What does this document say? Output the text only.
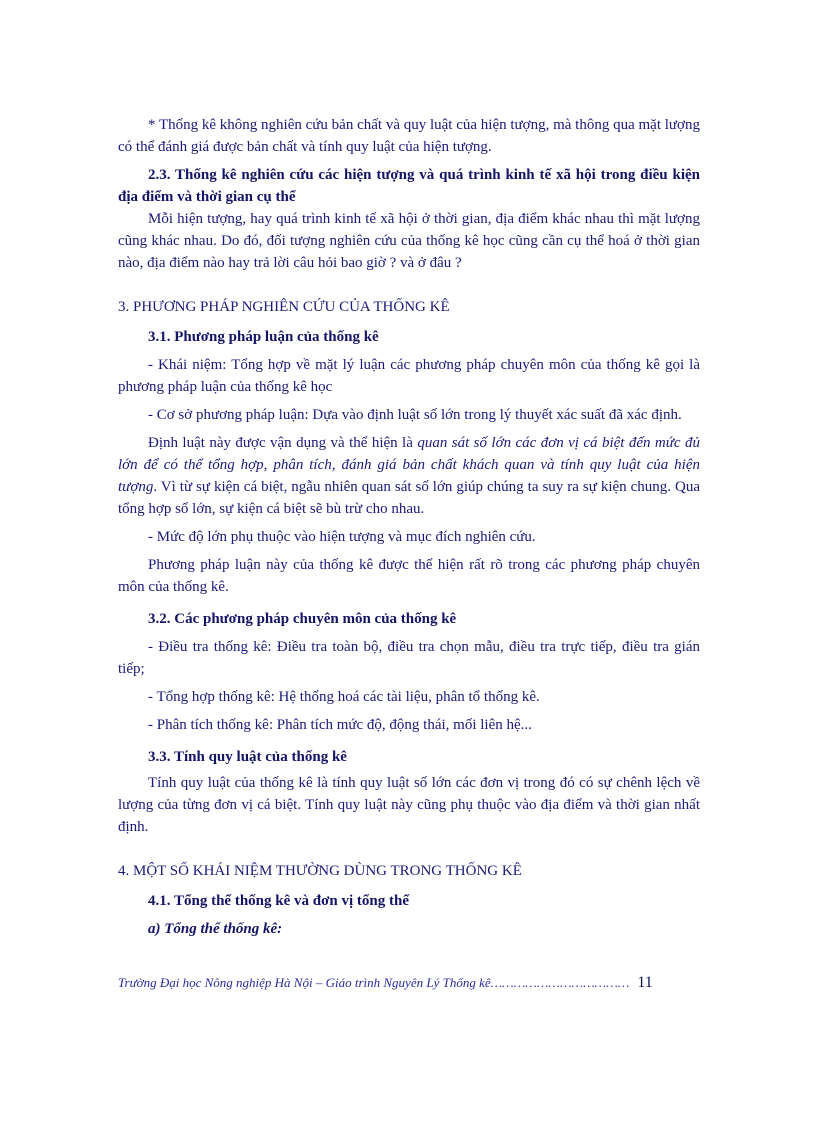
* Thống kê không nghiên cứu bản chất và quy luật của hiện tượng, mà thông qua mặt lượng có thể đánh giá được bản chất và tính quy luật của hiện tượng.

2.3. Thống kê nghiên cứu các hiện tượng và quá trình kinh tế xã hội trong điều kiện địa điểm và thời gian cụ thể

Mỗi hiện tượng, hay quá trình kinh tế xã hội ở thời gian, địa điểm khác nhau thì mặt lượng cũng khác nhau. Do đó, đối tượng nghiên cứu của thống kê học cũng cần cụ thể hoá ở thời gian nào, địa điểm nào hay trả lời câu hỏi bao giờ ? và ở đâu ?

3. PHƯƠNG PHÁP NGHIÊN CỨU CỦA THỐNG KÊ

3.1. Phương pháp luận của thống kê

- Khái niệm: Tổng hợp về mặt lý luận các phương pháp chuyên môn của thống kê gọi là phương pháp luận của thống kê học

- Cơ sở phương pháp luận: Dựa vào định luật số lớn trong lý thuyết xác suất đã xác định.

Định luật này được vận dụng và thể hiện là quan sát số lớn các đơn vị cá biệt đến mức đủ lớn để có thể tổng hợp, phân tích, đánh giá bản chất khách quan và tính quy luật của hiện tượng. Vì từ sự kiện cá biệt, ngẫu nhiên quan sát số lớn giúp chúng ta suy ra sự kiện chung. Qua tổng hợp số lớn, sự kiện cá biệt sẽ bù trừ cho nhau.

- Mức độ lớn phụ thuộc vào hiện tượng và mục đích nghiên cứu.

Phương pháp luận này của thống kê được thể hiện rất rõ trong các phương pháp chuyên môn của thống kê.

3.2. Các phương pháp chuyên môn của thống kê

- Điều tra thống kê: Điều tra toàn bộ, điều tra chọn mẫu, điều tra trực tiếp, điều tra gián tiếp;

- Tổng hợp thống kê: Hệ thống hoá các tài liệu, phân tổ thống kê.

- Phân tích thống kê: Phân tích mức độ, động thái, mối liên hệ...

3.3. Tính quy luật của thống kê

Tính quy luật của thống kê là tính quy luật số lớn các đơn vị trong đó có sự chênh lệch về lượng của từng đơn vị cá biệt. Tính quy luật này cũng phụ thuộc vào địa điểm và thời gian nhất định.

4. MỘT SỐ KHÁI NIỆM THƯỜNG DÙNG TRONG THỐNG KÊ

4.1. Tổng thể thống kê và đơn vị tổng thể

a) Tổng thể thống kê:

Trường Đại học Nông nghiệp Hà Nội – Giáo trình Nguyên Lý Thống kê……………………………… 11
